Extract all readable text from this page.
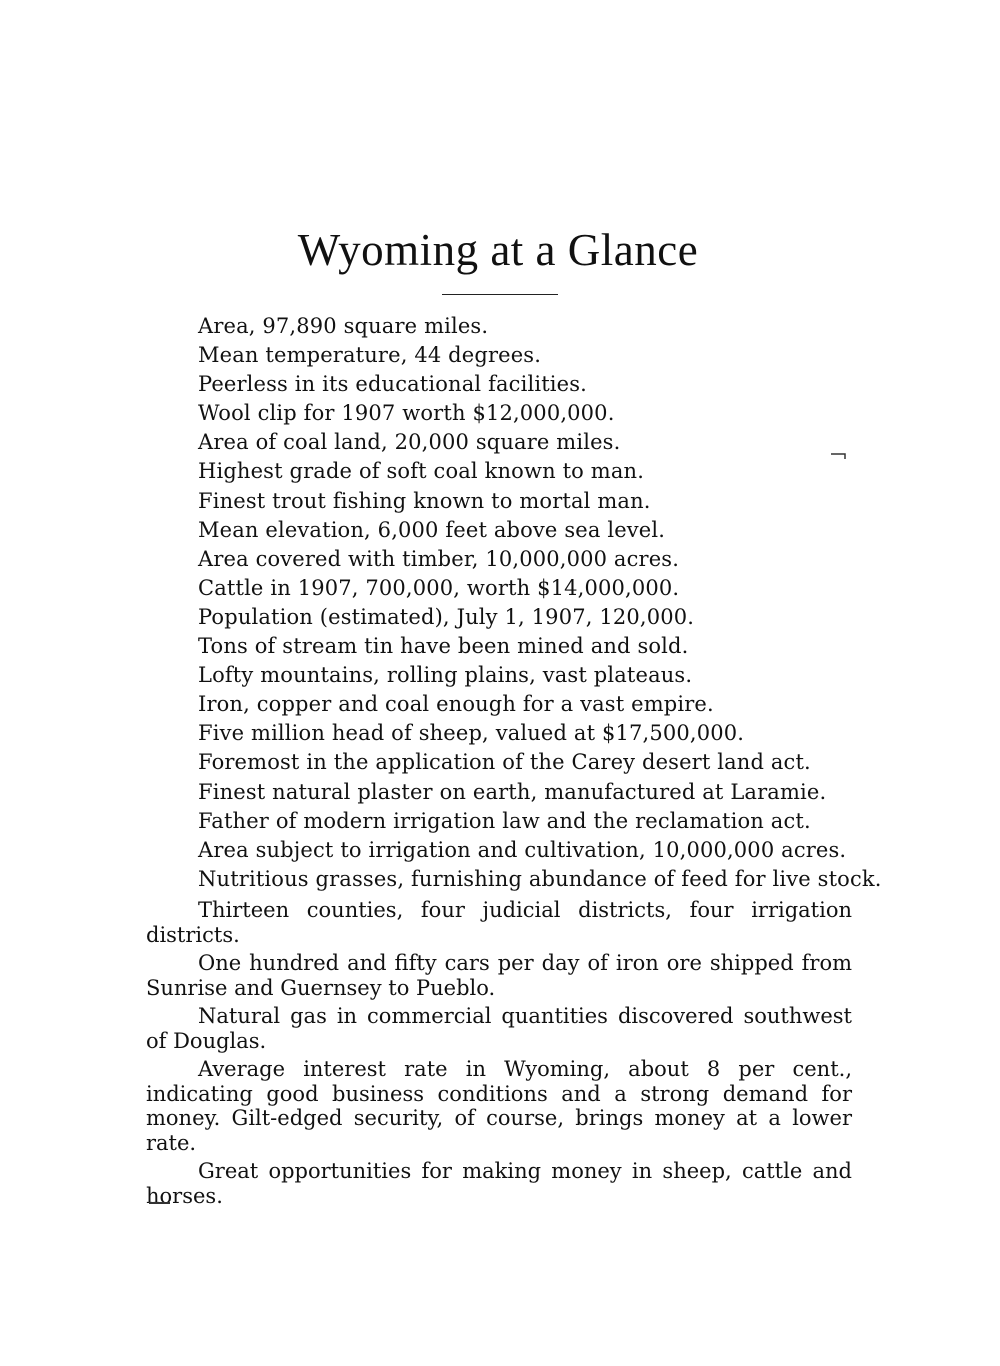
Wyoming at a Glance
Area, 97,890 square miles.
Mean temperature, 44 degrees.
Peerless in its educational facilities.
Wool clip for 1907 worth $12,000,000.
Area of coal land, 20,000 square miles.
Highest grade of soft coal known to man.
Finest trout fishing known to mortal man.
Mean elevation, 6,000 feet above sea level.
Area covered with timber, 10,000,000 acres.
Cattle in 1907, 700,000, worth $14,000,000.
Population (estimated), July 1, 1907, 120,000.
Tons of stream tin have been mined and sold.
Lofty mountains, rolling plains, vast plateaus.
Iron, copper and coal enough for a vast empire.
Five million head of sheep, valued at $17,500,000.
Foremost in the application of the Carey desert land act.
Finest natural plaster on earth, manufactured at Laramie.
Father of modern irrigation law and the reclamation act.
Area subject to irrigation and cultivation, 10,000,000 acres.
Nutritious grasses, furnishing abundance of feed for live stock.

Thirteen counties, four judicial districts, four irrigation districts.

One hundred and fifty cars per day of iron ore shipped from Sunrise and Guernsey to Pueblo.

Natural gas in commercial quantities discovered southwest of Douglas.

Average interest rate in Wyoming, about 8 per cent., indicating good business conditions and a strong demand for money. Gilt-edged security, of course, brings money at a lower rate.

Great opportunities for making money in sheep, cattle and horses.
